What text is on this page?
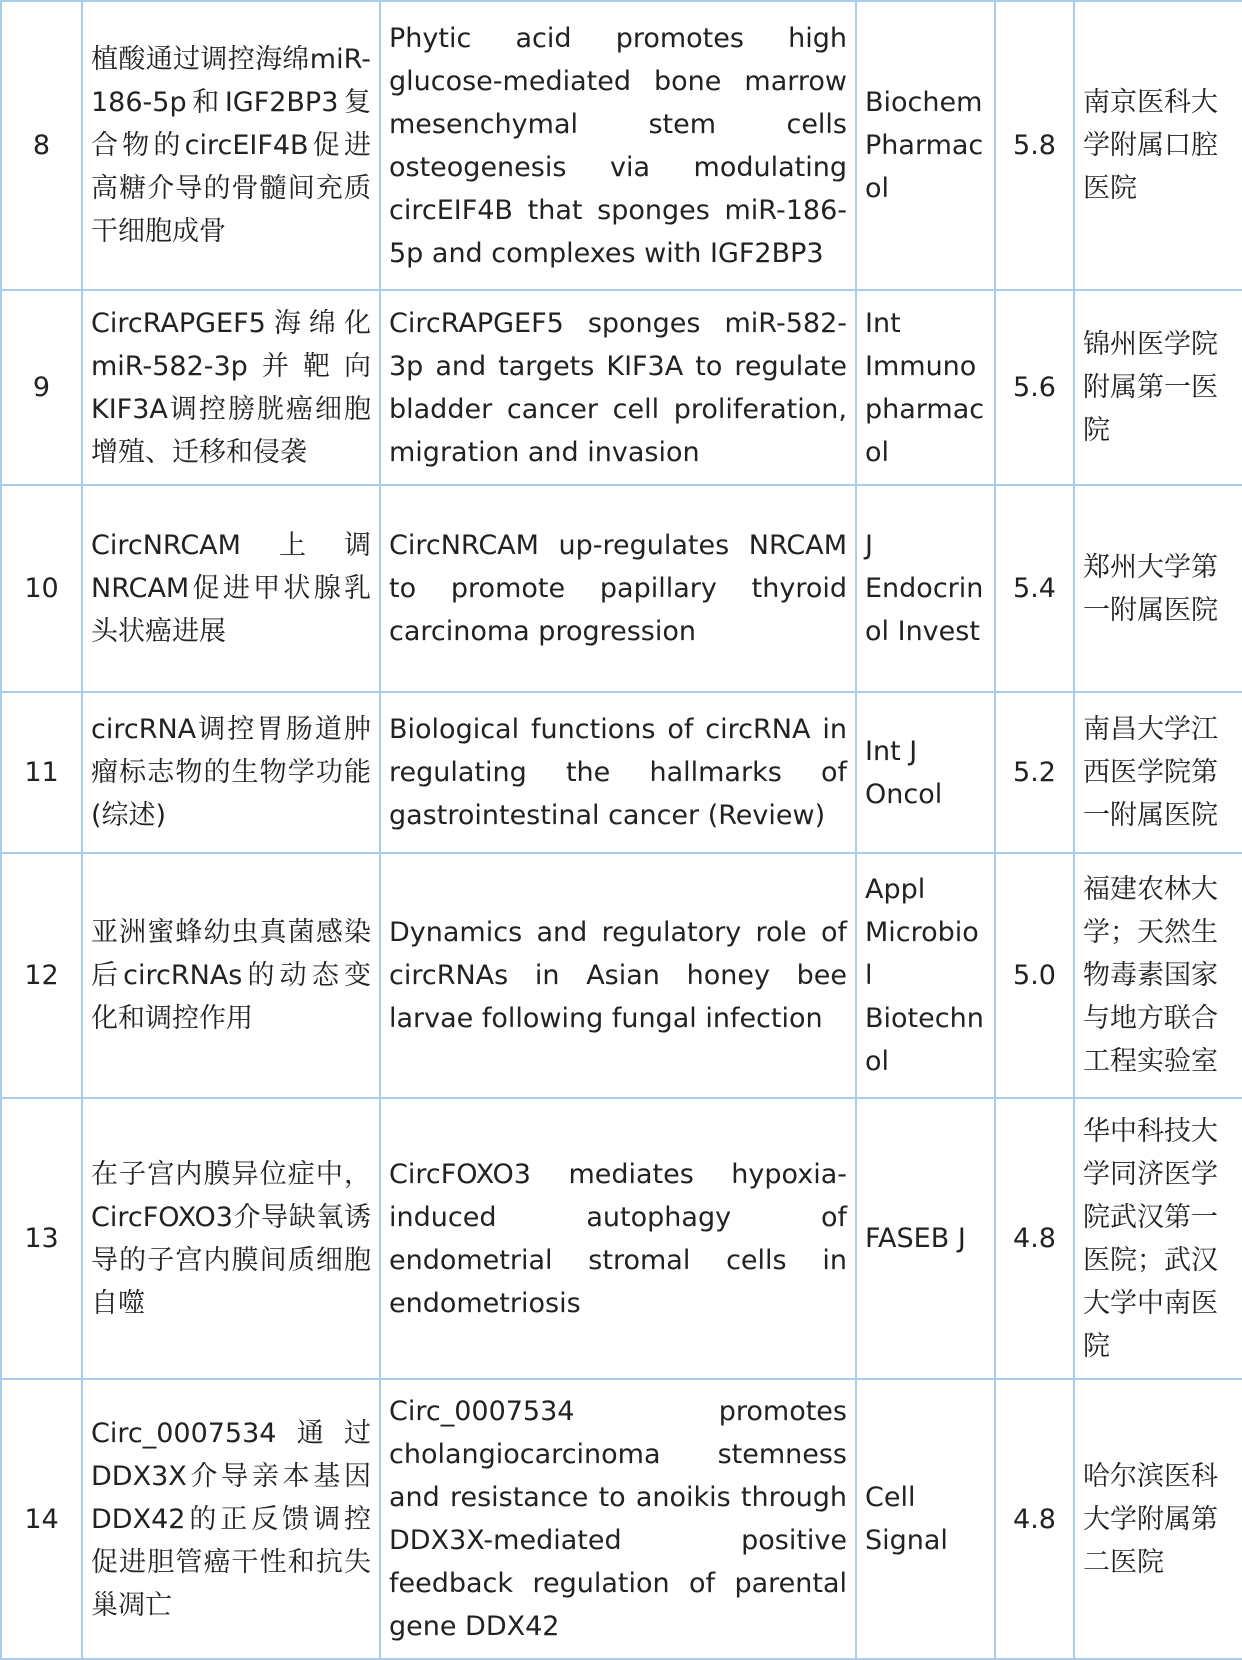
8	植酸通过调控海绵miR-186-5p和IGF2BP3复合物的circEIF4B促进高糖介导的骨髓间充质干细胞成骨	Phytic acid promotes high glucose-mediated bone marrow mesenchymal stem cells osteogenesis via modulating circEIF4B that sponges miR-186-5p and complexes with IGF2BP3	Biochem Pharmacol	5.8	南京医科大学附属口腔医院
9	CircRAPGEF5海绵化miR-582-3p并靶向KIF3A调控膀胱癌细胞增殖、迁移和侵袭	CircRAPGEF5 sponges miR-582-3p and targets KIF3A to regulate bladder cancer cell proliferation, migration and invasion	Int Immunopharmacol	5.6	锦州医学院附属第一医院
10	CircNRCAM上调NRCAM促进甲状腺乳头状癌进展	CircNRCAM up-regulates NRCAM to promote papillary thyroid carcinoma progression	J Endocrinol Invest	5.4	郑州大学第一附属医院
11	circRNA调控胃肠道肿瘤标志物的生物学功能(综述)	Biological functions of circRNA in regulating the hallmarks of gastrointestinal cancer (Review)	Int J Oncol	5.2	南昌大学江西医学院第一附属医院
12	亚洲蜜蜂幼虫真菌感染后circRNAs的动态变化和调控作用	Dynamics and regulatory role of circRNAs in Asian honey bee larvae following fungal infection	Appl Microbiol Biotechnol	5.0	福建农林大学；天然生物毒素国家与地方联合工程实验室
13	在子宫内膜异位症中，CircFOXO3介导缺氧诱导的子宫内膜间质细胞自噬	CircFOXO3 mediates hypoxia-induced autophagy of endometrial stromal cells in endometriosis	FASEB J	4.8	华中科技大学同济医学院武汉第一医院；武汉大学中南医院
14	Circ_0007534通过DDX3X介导亲本基因DDX42的正反馈调控促进胆管癌干性和抗失巢凋亡	Circ_0007534 promotes cholangiocarcinoma stemness and resistance to anoikis through DDX3X-mediated positive feedback regulation of parental gene DDX42	Cell Signal	4.8	哈尔滨医科大学附属第二医院
